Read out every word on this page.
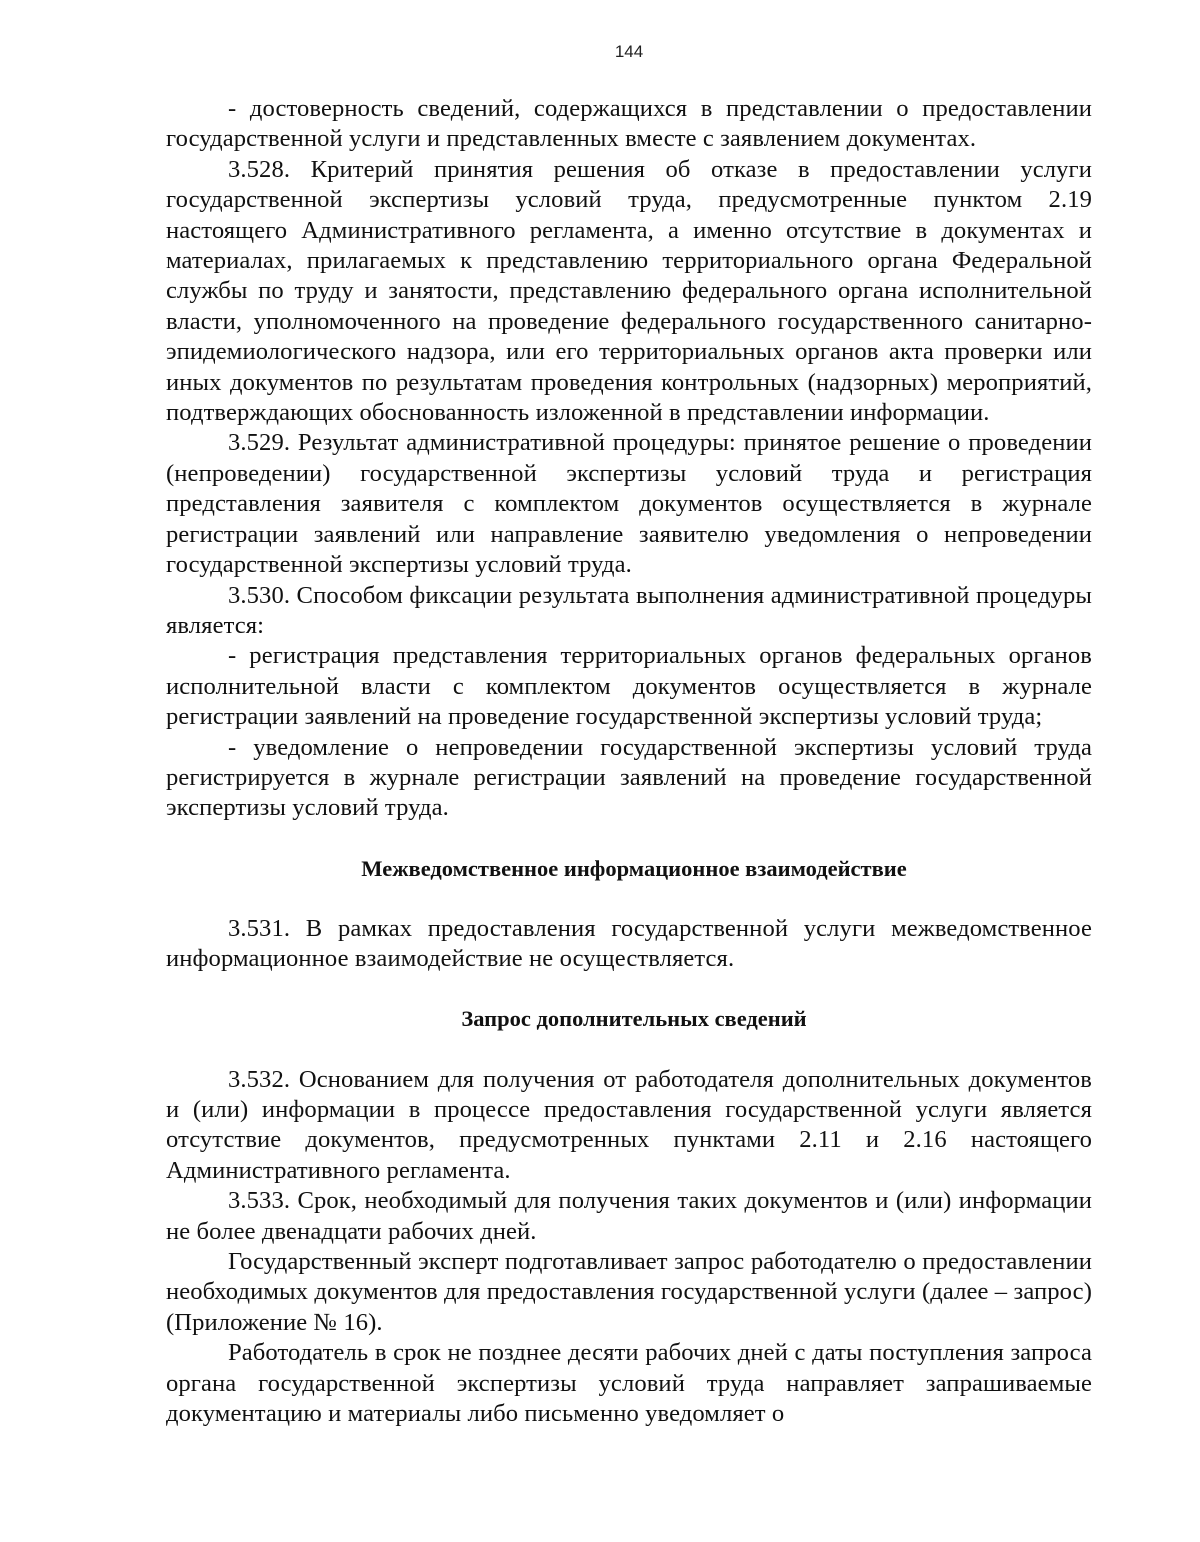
144

- достоверность сведений, содержащихся в представлении о предоставлении государственной услуги и представленных вместе с заявлением документах.

3.528. Критерий принятия решения об отказе в предоставлении услуги государственной экспертизы условий труда, предусмотренные пунктом 2.19 настоящего Административного регламента, а именно отсутствие в документах и материалах, прилагаемых к представлению территориального органа Федеральной службы по труду и занятости, представлению федерального органа исполнительной власти, уполномоченного на проведение федерального государственного санитарно-эпидемиологического надзора, или его территориальных органов акта проверки или иных документов по результатам проведения контрольных (надзорных) мероприятий, подтверждающих обоснованность изложенной в представлении информации.

3.529. Результат административной процедуры: принятое решение о проведении (непроведении) государственной экспертизы условий труда и регистрация представления заявителя с комплектом документов осуществляется в журнале регистрации заявлений или направление заявителю уведомления о непроведении государственной экспертизы условий труда.

3.530. Способом фиксации результата выполнения административной процедуры является:

- регистрация представления территориальных органов федеральных органов исполнительной власти с комплектом документов осуществляется в журнале регистрации заявлений на проведение государственной экспертизы условий труда;

- уведомление о непроведении государственной экспертизы условий труда регистрируется в журнале регистрации заявлений на проведение государственной экспертизы условий труда.

Межведомственное информационное взаимодействие

3.531. В рамках предоставления государственной услуги межведомственное информационное взаимодействие не осуществляется.

Запрос дополнительных сведений

3.532. Основанием для получения от работодателя дополнительных документов и (или) информации в процессе предоставления государственной услуги является отсутствие документов, предусмотренных пунктами 2.11 и 2.16 настоящего Административного регламента.

3.533. Срок, необходимый для получения таких документов и (или) информации не более двенадцати рабочих дней.

Государственный эксперт подготавливает запрос работодателю о предоставлении необходимых документов для предоставления государственной услуги (далее – запрос) (Приложение № 16).

Работодатель в срок не позднее десяти рабочих дней с даты поступления запроса органа государственной экспертизы условий труда направляет запрашиваемые документацию и материалы либо письменно уведомляет о
